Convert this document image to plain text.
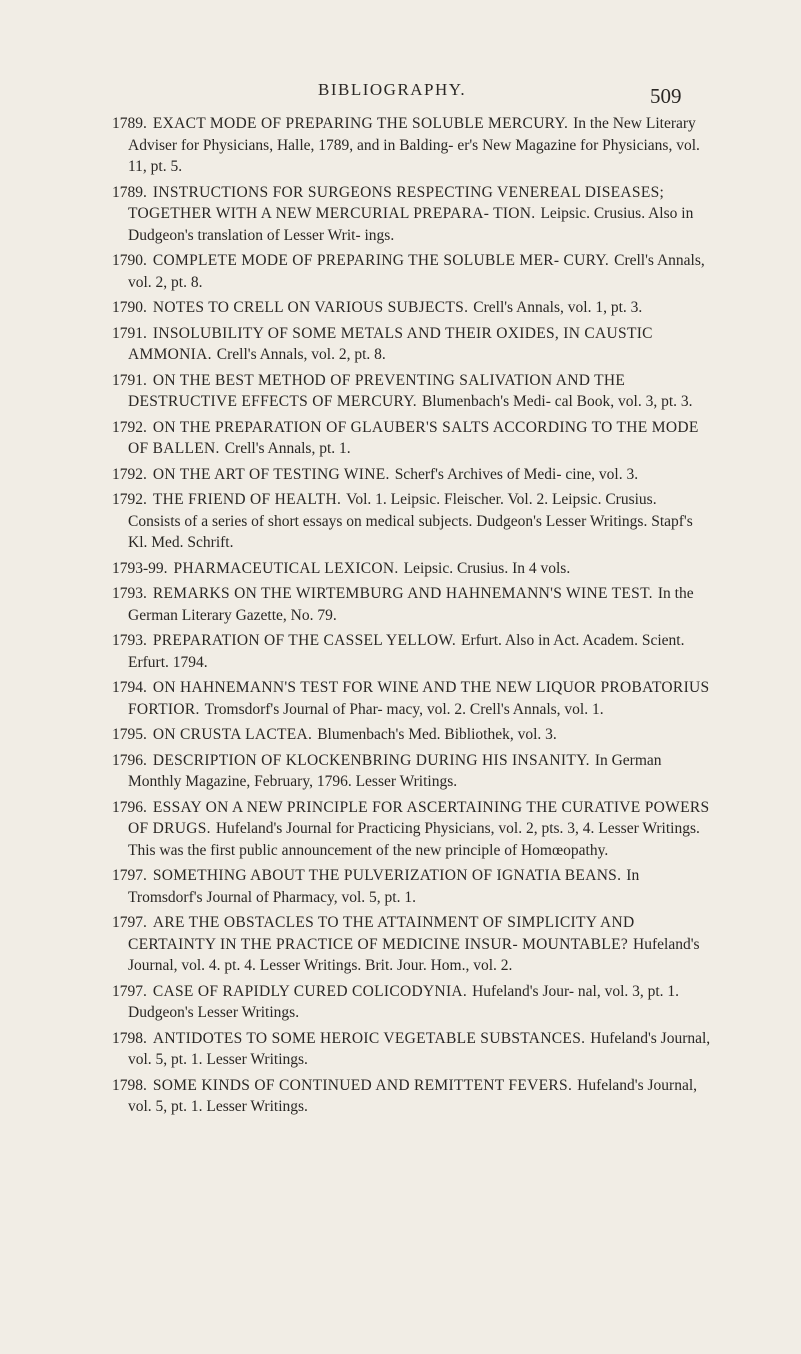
BIBLIOGRAPHY.	509

1789. EXACT MODE OF PREPARING THE SOLUBLE MERCURY. In the New Literary Adviser for Physicians, Halle, 1789, and in Balding- er's New Magazine for Physicians, vol. 11, pt. 5.

1789. INSTRUCTIONS FOR SURGEONS RESPECTING VENEREAL DISEASES; TOGETHER WITH A NEW MERCURIAL PREPARA- TION. Leipsic. Crusius. Also in Dudgeon's translation of Lesser Writ- ings.

1790. COMPLETE MODE OF PREPARING THE SOLUBLE MER- CURY. Crell's Annals, vol. 2, pt. 8.

1790. NOTES TO CRELL ON VARIOUS SUBJECTS. Crell's Annals, vol. 1, pt. 3.

1791. INSOLUBILITY OF SOME METALS AND THEIR OXIDES, IN CAUSTIC AMMONIA. Crell's Annals, vol. 2, pt. 8.

1791. ON THE BEST METHOD OF PREVENTING SALIVATION AND THE DESTRUCTIVE EFFECTS OF MERCURY. Blumenbach's Medi- cal Book, vol. 3, pt. 3.

1792. ON THE PREPARATION OF GLAUBER'S SALTS ACCORDING TO THE MODE OF BALLEN. Crell's Annals, pt. 1.

1792. ON THE ART OF TESTING WINE. Scherf's Archives of Medi- cine, vol. 3.

1792. THE FRIEND OF HEALTH. Vol. 1. Leipsic. Fleischer. Vol. 2. Leipsic. Crusius. Consists of a series of short essays on medical subjects. Dudgeon's Lesser Writings. Stapf's Kl. Med. Schrift.

1793-99. PHARMACEUTICAL LEXICON. Leipsic. Crusius. In 4 vols.

1793. REMARKS ON THE WIRTEMBURG AND HAHNEMANN'S WINE TEST. In the German Literary Gazette, No. 79.

1793. PREPARATION OF THE CASSEL YELLOW. Erfurt. Also in Act. Academ. Scient. Erfurt. 1794.

1794. ON HAHNEMANN'S TEST FOR WINE AND THE NEW LIQUOR PROBATORIUS FORTIOR. Tromsdorf's Journal of Phar- macy, vol. 2. Crell's Annals, vol. 1.

1795. ON CRUSTA LACTEA. Blumenbach's Med. Bibliothek, vol. 3.

1796. DESCRIPTION OF KLOCKENBRING DURING HIS INSANITY. In German Monthly Magazine, February, 1796. Lesser Writings.

1796. ESSAY ON A NEW PRINCIPLE FOR ASCERTAINING THE CURATIVE POWERS OF DRUGS. Hufeland's Journal for Practicing Physicians, vol. 2, pts. 3, 4. Lesser Writings. This was the first public announcement of the new principle of Homœopathy.

1797. SOMETHING ABOUT THE PULVERIZATION OF IGNATIA BEANS. In Tromsdorf's Journal of Pharmacy, vol. 5, pt. 1.

1797. ARE THE OBSTACLES TO THE ATTAINMENT OF SIMPLICITY AND CERTAINTY IN THE PRACTICE OF MEDICINE INSUR- MOUNTABLE? Hufeland's Journal, vol. 4. pt. 4. Lesser Writings. Brit. Jour. Hom., vol. 2.

1797. CASE OF RAPIDLY CURED COLICODYNIA. Hufeland's Jour- nal, vol. 3, pt. 1. Dudgeon's Lesser Writings.

1798. ANTIDOTES TO SOME HEROIC VEGETABLE SUBSTANCES. Hufeland's Journal, vol. 5, pt. 1. Lesser Writings.

1798. SOME KINDS OF CONTINUED AND REMITTENT FEVERS. Hufeland's Journal, vol. 5, pt. 1. Lesser Writings.
